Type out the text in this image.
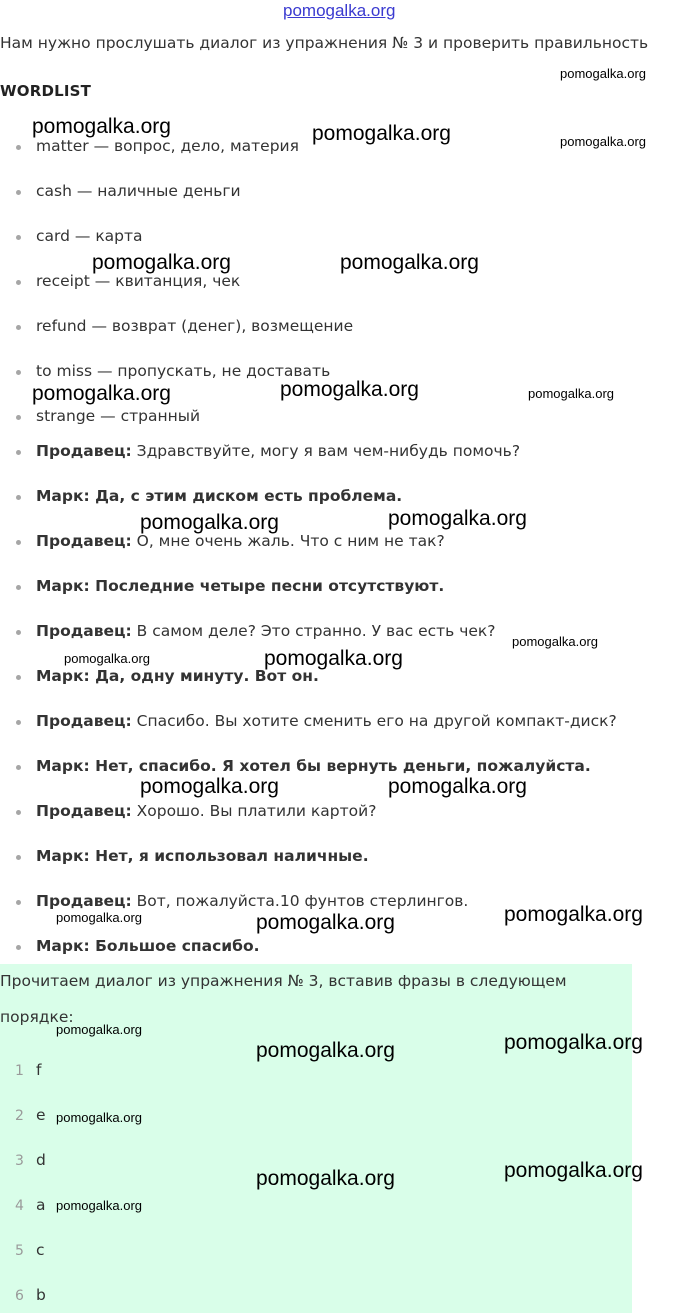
pomogalka.org
Нам нужно прослушать диалог из упражнения № 3 и проверить правильность
WORDLIST
matter — вопрос, дело, материя
cash — наличные деньги
card — карта
receipt — квитанция, чек
refund — возврат (денег), возмещение
to miss — пропускать, не доставать
strange — странный
Продавец: Здравствуйте, могу я вам чем-нибудь помочь?
Марк: Да, с этим диском есть проблема.
Продавец: О, мне очень жаль. Что с ним не так?
Марк: Последние четыре песни отсутствуют.
Продавец: В самом деле? Это странно. У вас есть чек?
Марк: Да, одну минуту. Вот он.
Продавец: Спасибо. Вы хотите сменить его на другой компакт-диск?
Марк: Нет, спасибо. Я хотел бы вернуть деньги, пожалуйста.
Продавец: Хорошо. Вы платили картой?
Марк: Нет, я использовал наличные.
Продавец: Вот, пожалуйста.10 фунтов стерлингов.
Марк: Большое спасибо.
Прочитаем диалог из упражнения № 3, вставив фразы в следующем
порядке:
1 f
2 e
3 d
4 a
5 c
6 b
pomogalka.org
pomogalka.org	pomogalka.org	pomogalka.org
pomogalka.org	pomogalka.org
pomogalka.org	pomogalka.org	pomogalka.org
pomogalka.org	pomogalka.org
pomogalka.org
pomogalka.org	pomogalka.org
pomogalka.org	pomogalka.org
pomogalka.org
pomogalka.org	pomogalka.org
pomogalka.org
pomogalka.org
pomogalka.org
pomogalka.org
pomogalka.org
pomogalka.org
pomogalka.org
